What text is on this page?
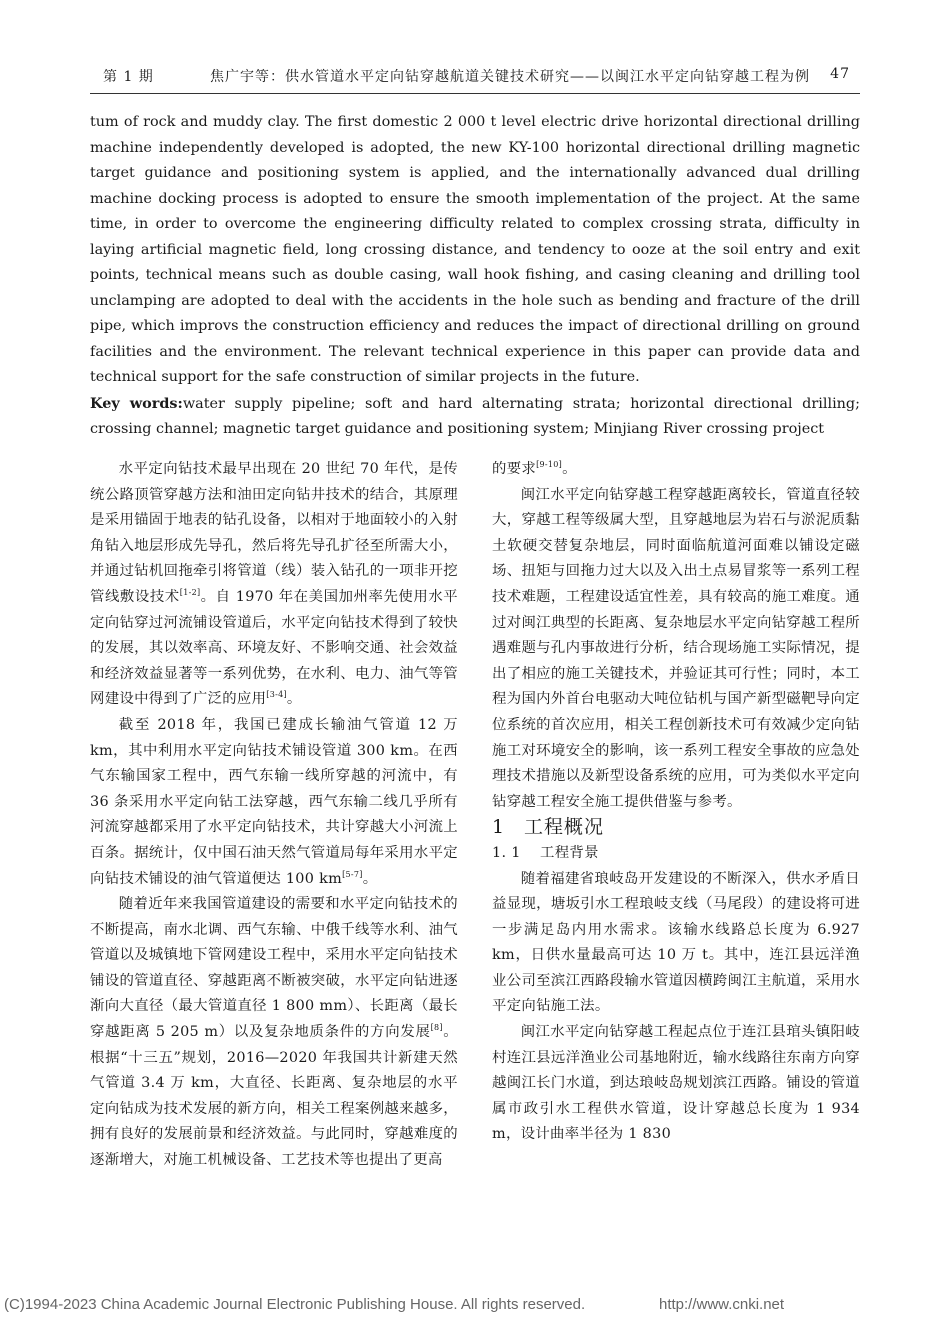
第 1 期	焦广宇等：供水管道水平定向钻穿越航道关键技术研究——以闽江水平定向钻穿越工程为例 47

tum of rock and muddy clay. The first domestic 2 000 t level electric drive horizontal directional drilling machine independently developed is adopted, the new KY-100 horizontal directional drilling magnetic target guidance and positioning system is applied, and the internationally advanced dual drilling machine docking process is adopted to ensure the smooth implementation of the project. At the same time, in order to overcome the engineering difficulty related to complex crossing strata, difficulty in laying artificial magnetic field, long crossing distance, and tendency to ooze at the soil entry and exit points, technical means such as double casing, wall hook fishing, and casing cleaning and drilling tool unclamping are adopted to deal with the accidents in the hole such as bending and fracture of the drill pipe, which improvs the construction efficiency and reduces the impact of directional drilling on ground facilities and the environment. The relevant technical experience in this paper can provide data and technical support for the safe construction of similar projects in the future.

Key words:water supply pipeline; soft and hard alternating strata; horizontal directional drilling; crossing channel; magnetic target guidance and positioning system; Minjiang River crossing project

水平定向钻技术最早出现在 20 世纪 70 年代，是传统公路顶管穿越方法和油田定向钻井技术的结合，其原理是采用锚固于地表的钻孔设备，以相对于地面较小的入射角钻入地层形成先导孔，然后将先导孔扩径至所需大小，并通过钻机回拖牵引将管道（线）装入钻孔的一项非开挖管线敷设技术[1-2]。自 1970 年在美国加州率先使用水平定向钻穿过河流铺设管道后，水平定向钻技术得到了较快的发展，其以效率高、环境友好、不影响交通、社会效益和经济效益显著等一系列优势，在水利、电力、油气等管网建设中得到了广泛的应用[3-4]。

截至 2018 年，我国已建成长输油气管道 12 万 km，其中利用水平定向钻技术铺设管道 300 km。在西气东输国家工程中，西气东输一线所穿越的河流中，有 36 条采用水平定向钻工法穿越，西气东输二线几乎所有河流穿越都采用了水平定向钻技术，共计穿越大小河流上百条。据统计，仅中国石油天然气管道局每年采用水平定向钻技术铺设的油气管道便达 100 km[5-7]。

随着近年来我国管道建设的需要和水平定向钻技术的不断提高，南水北调、西气东输、中俄千线等水利、油气管道以及城镇地下管网建设工程中，采用水平定向钻技术铺设的管道直径、穿越距离不断被突破，水平定向钻进逐渐向大直径（最大管道直径 1 800 mm）、长距离（最长穿越距离 5 205 m）以及复杂地质条件的方向发展[8]。根据“十三五”规划，2016—2020 年我国共计新建天然气管道 3.4 万 km，大直径、长距离、复杂地层的水平定向钻成为技术发展的新方向，相关工程案例越来越多，拥有良好的发展前景和经济效益。与此同时，穿越难度的逐渐增大，对施工机械设备、工艺技术等也提出了更高

的要求[9-10]。

闽江水平定向钻穿越工程穿越距离较长，管道直径较大，穿越工程等级属大型，且穿越地层为岩石与淤泥质黏土软硬交替复杂地层，同时面临航道河面难以铺设定磁场、扭矩与回拖力过大以及入出土点易冒浆等一系列工程技术难题，工程建设适宜性差，具有较高的施工难度。通过对闽江典型的长距离、复杂地层水平定向钻穿越工程所遇难题与孔内事故进行分析，结合现场施工实际情况，提出了相应的施工关键技术，并验证其可行性；同时，本工程为国内外首台电驱动大吨位钻机与国产新型磁靶导向定位系统的首次应用，相关工程创新技术可有效减少定向钻施工对环境安全的影响，该一系列工程安全事故的应急处理技术措施以及新型设备系统的应用，可为类似水平定向钻穿越工程安全施工提供借鉴与参考。

1 工程概况

1. 1 工程背景

随着福建省琅岐岛开发建设的不断深入，供水矛盾日益显现，塘坂引水工程琅岐支线（马尾段）的建设将可进一步满足岛内用水需求。该输水线路总长度为 6.927 km，日供水量最高可达 10 万 t。其中，连江县远洋渔业公司至滨江西路段输水管道因横跨闽江主航道，采用水平定向钻施工法。

闽江水平定向钻穿越工程起点位于连江县琯头镇阳岐村连江县远洋渔业公司基地附近，输水线路往东南方向穿越闽江长门水道，到达琅岐岛规划滨江西路。铺设的管道属市政引水工程供水管道，设计穿越总长度为 1 934 m，设计曲率半径为 1 830

(C)1994-2023 China Academic Journal Electronic Publishing House. All rights reserved.	http://www.cnki.net
